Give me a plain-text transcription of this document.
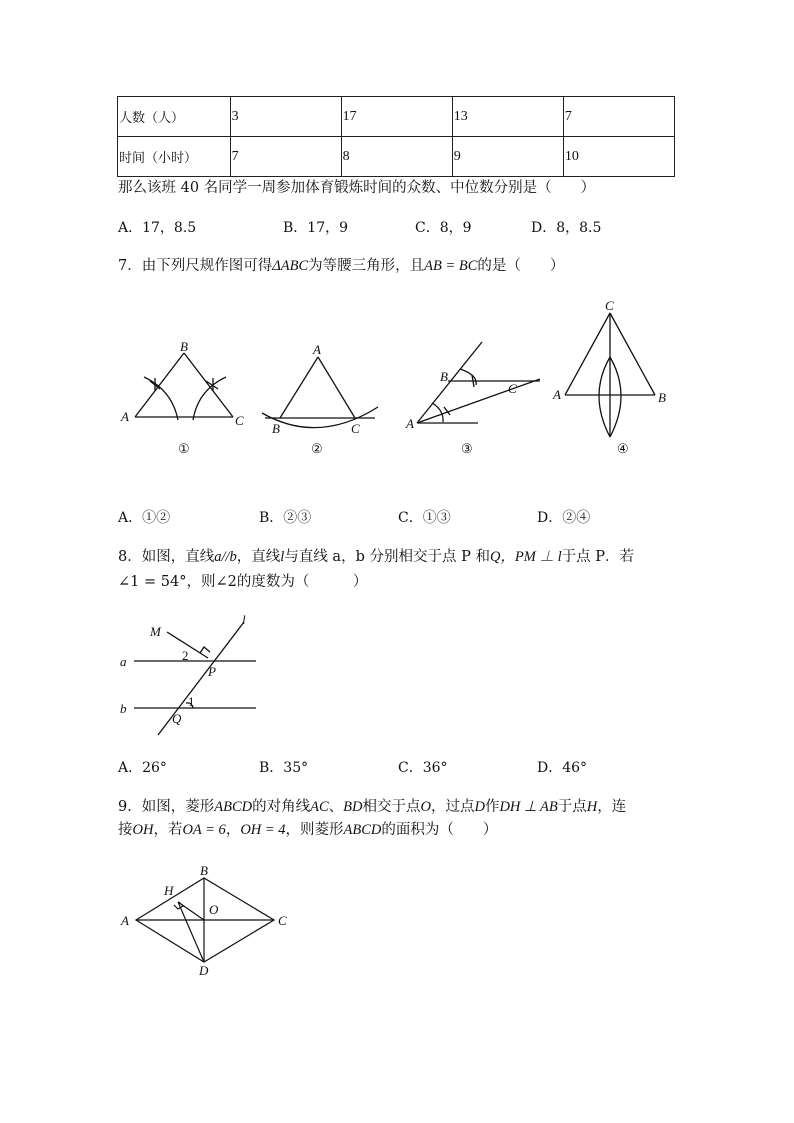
人数（人）	3	17	13	7
时间（小时）	7	8	9	10
那么该班 40 名同学一周参加体育锻炼时间的众数、中位数分别是（　　）
A．17，8.5	B．17，9	C．8，9	D．8，8.5
7．由下列尺规作图可得ΔABC为等腰三角形，且AB = BC的是（　　）
B
A	C
①
A
B	C
②
B
C
A
③
C
A	B
④
A．①②	B．②③	C．①③	D．②④
8．如图，直线a//b，直线l与直线 a，b 分别相交于点 P 和Q，PM ⊥ l于点 P．若
∠1 = 54°，则∠2的度数为（　　　）
M
l
a
b
P
Q
1
2
A．26°	B．35°	C．36°	D．46°
9．如图，菱形ABCD的对角线AC、BD相交于点O，过点D作DH ⊥ AB于点H，连
接OH，若OA = 6，OH = 4，则菱形ABCD的面积为（　　）
A
B
C
D
H
O
